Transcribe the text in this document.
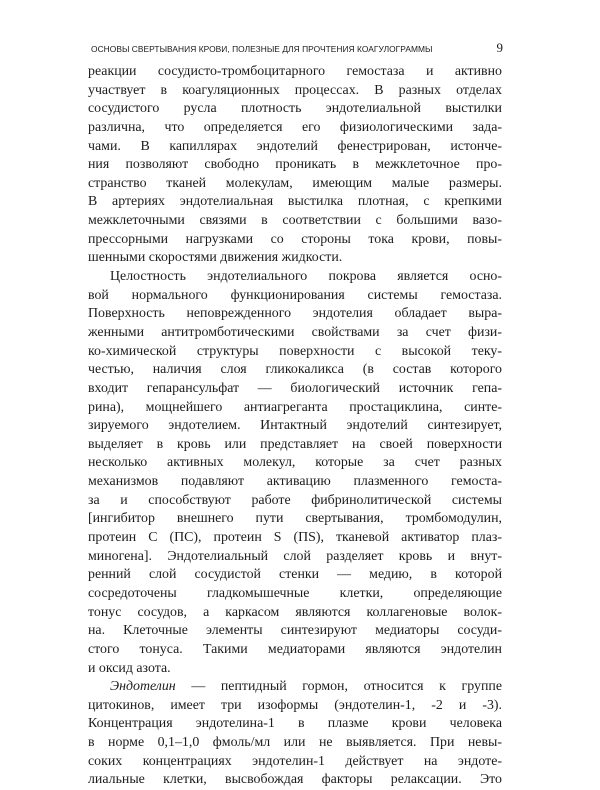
ОСНОВЫ СВЕРТЫВАНИЯ КРОВИ, ПОЛЕЗНЫЕ ДЛЯ ПРОЧТЕНИЯ КОАГУЛОГРАММЫ	9
реакции сосудисто-тромбоцитарного гемостаза и активно
участвует в коагуляционных процессах. В разных отделах
сосудистого русла плотность эндотелиальной выстилки
различна, что определяется его физиологическими зада-
чами. В капиллярах эндотелий фенестрирован, истонче-
ния позволяют свободно проникать в межклеточное про-
странство тканей молекулам, имеющим малые размеры.
В артериях эндотелиальная выстилка плотная, с крепкими
межклеточными связями в соответствии с большими вазо-
прессорными нагрузками со стороны тока крови, повы-
шенными скоростями движения жидкости.
Целостность эндотелиального покрова является осно-
вой нормального функционирования системы гемостаза.
Поверхность неповрежденного эндотелия обладает выра-
женными антитромботическими свойствами за счет физи-
ко-химической структуры поверхности с высокой теку-
честью, наличия слоя гликокаликса (в состав которого
входит гепарансульфат — биологический источник гепа-
рина), мощнейшего антиагреганта простациклина, синте-
зируемого эндотелием. Интактный эндотелий синтезирует,
выделяет в кровь или представляет на своей поверхности
несколько активных молекул, которые за счет разных
механизмов подавляют активацию плазменного гемоста-
за и способствуют работе фибринолитической системы
[ингибитор внешнего пути свертывания, тромбомодулин,
протеин C (ПС), протеин S (ПS), тканевой активатор плаз-
миногена]. Эндотелиальный слой разделяет кровь и внут-
ренний слой сосудистой стенки — медию, в которой
сосредоточены гладкомышечные клетки, определяющие
тонус сосудов, а каркасом являются коллагеновые волок-
на. Клеточные элементы синтезируют медиаторы сосуди-
стого тонуса. Такими медиаторами являются эндотелин
и оксид азота.
Эндотелин — пептидный гормон, относится к группе
цитокинов, имеет три изоформы (эндотелин-1, -2 и -3).
Концентрация эндотелина-1 в плазме крови человека
в норме 0,1–1,0 фмоль/мл или не выявляется. При невы-
соких концентрациях эндотелин-1 действует на эндоте-
лиальные клетки, высвобождая факторы релаксации. Это
